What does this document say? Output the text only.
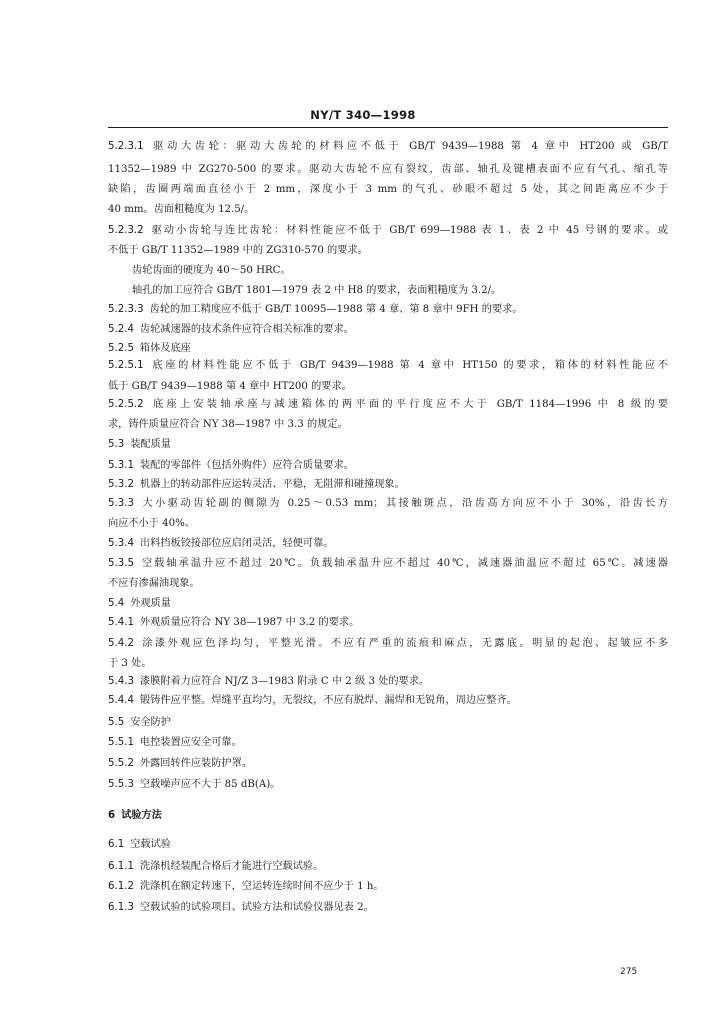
NY/T 340—1998
5.2.3.1 驱动大齿轮：驱动大齿轮的材料应不低于 GB/T 9439—1988 第 4 章中 HT200 或 GB/T
11352—1989 中 ZG270-500 的要求。驱动大齿轮不应有裂纹，齿部、轴孔及键槽表面不应有气孔、缩孔等
缺陷，齿圈两端面直径小于 2 mm，深度小于 3 mm 的气孔、砂眼不超过 5 处，其之间距离应不少于
40 mm。齿面粗糙度为 12.5/。
5.2.3.2 驱动小齿轮与连比齿轮：材料性能应不低于 GB/T 699—1988 表 1、表 2 中 45 号钢的要求。或
不低于 GB/T 11352—1989 中的 ZG310-570 的要求。
齿轮齿面的硬度为 40～50 HRC。
轴孔的加工应符合 GB/T 1801—1979 表 2 中 H8 的要求，表面粗糙度为 3.2/。
5.2.3.3 齿轮的加工精度应不低于 GB/T 10095—1988 第 4 章、第 8 章中 9FH 的要求。
5.2.4 齿轮减速器的技术条件应符合相关标准的要求。
5.2.5 箱体及底座
5.2.5.1 底座的材料性能应不低于 GB/T 9439—1988 第 4 章中 HT150 的要求，箱体的材料性能应不
低于 GB/T 9439—1988 第 4 章中 HT200 的要求。
5.2.5.2 底座上安装轴承座与减速箱体的两平面的平行度应不大于 GB/T 1184—1996 中 8 级的要
求，铸件质量应符合 NY 38—1987 中 3.3 的规定。
5.3 装配质量
5.3.1 装配的零部件（包括外购件）应符合质量要求。
5.3.2 机器上的转动部件应运转灵活、平稳，无阻滞和碰撞现象。
5.3.3 大小驱动齿轮副的侧隙为 0.25～0.53 mm；其接触斑点，沿齿高方向应不小于 30%，沿齿长方
向应不小于 40%。
5.3.4 出料挡板铰接部位应启闭灵活，轻便可靠。
5.3.5 空载轴承温升应不超过 20℃。负载轴承温升应不超过 40℃，减速器油温应不超过 65℃。减速器
不应有渗漏油现象。
5.4 外观质量
5.4.1 外观质量应符合 NY 38—1987 中 3.2 的要求。
5.4.2 涂漆外观应色泽均匀，平整光滑。不应有严重的流痕和麻点，无露底。明显的起泡、起皱应不多
于 3 处。
5.4.3 漆膜附着力应符合 NJ/Z 3—1983 附录 C 中 2 级 3 处的要求。
5.4.4 锻铸件应平整。焊缝平直均匀，无裂纹，不应有脱焊、漏焊和无锐角，周边应整齐。
5.5 安全防护
5.5.1 电控装置应安全可靠。
5.5.2 外露回转件应装防护罩。
5.5.3 空载噪声应不大于 85 dB(A)。
6 试验方法
6.1 空载试验
6.1.1 洗涤机经装配合格后才能进行空载试验。
6.1.2 洗涤机在额定转速下，空运转连续时间不应少于 1 h。
6.1.3 空载试验的试验项目、试验方法和试验仪器见表 2。
275
